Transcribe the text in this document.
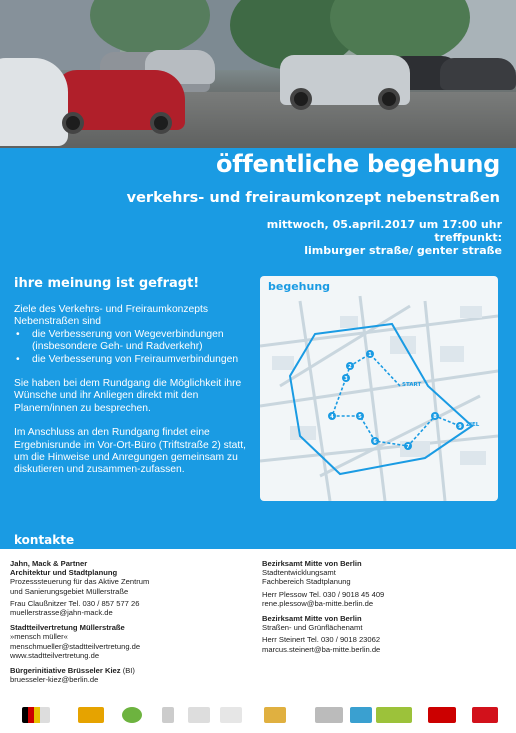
öffentliche begehung
verkehrs- und freiraumkonzept nebenstraßen
mittwoch, 05.april.2017 um 17:00 uhr
treffpunkt:
limburger straße/ genter straße
ihre meinung ist gefragt!

Ziele des Verkehrs- und Freiraumkonzepts Nebenstraßen sind

• die Verbesserung von Wegeverbindungen (insbesondere Geh- und Radverkehr)
• die Verbesserung von Freiraumverbindungen

Sie haben bei dem Rundgang die Möglichkeit ihre Wünsche und ihr Anliegen direkt mit den Planern/innen zu besprechen.

Im Anschluss an den Rundgang findet eine Ergebnisrunde im Vor-Ort-Büro (Triftstraße 2) statt, um die Hinweise und Anregungen gemeinsam zu diskutieren und zusammen-zufassen.

1
2
3
4	5
6
7
8
9
START
ZIEL
begehung
kontakte
Jahn, Mack & Partner
Architektur und Stadtplanung
Prozesssteuerung für das Aktive Zentrum
und Sanierungsgebiet Müllerstraße
Frau Claußnitzer Tel. 030 / 857 577 26
muellerstrasse@jahn-mack.de
Stadtteilvertretung Müllerstraße
»mensch müller«
menschmueller@stadtteilvertretung.de
www.stadtteilvertretung.de
Bürgerinitiative Brüsseler Kiez (BI)
bruesseler-kiez@berlin.de
Bezirksamt Mitte von Berlin
Stadtentwicklungsamt
Fachbereich Stadtplanung
Herr Plessow Tel. 030 / 9018 45 409
rene.plessow@ba-mitte.berlin.de
Bezirksamt Mitte von Berlin
Straßen- und Grünflächenamt
Herr Steinert Tel. 030 / 9018 23062
marcus.steinert@ba-mitte.berlin.de
